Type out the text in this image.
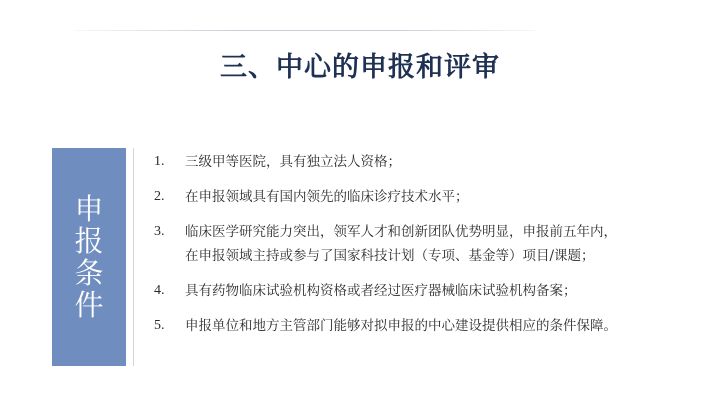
三、中心的申报和评审
申
报
条
件
1. 三级甲等医院，具有独立法人资格；
2. 在申报领域具有国内领先的临床诊疗技术水平；
3. 临床医学研究能力突出，领军人才和创新团队优势明显，申报前五年内，
在申报领域主持或参与了国家科技计划（专项、基金等）项目/课题；
4. 具有药物临床试验机构资格或者经过医疗器械临床试验机构备案；
5. 申报单位和地方主管部门能够对拟申报的中心建设提供相应的条件保障。
